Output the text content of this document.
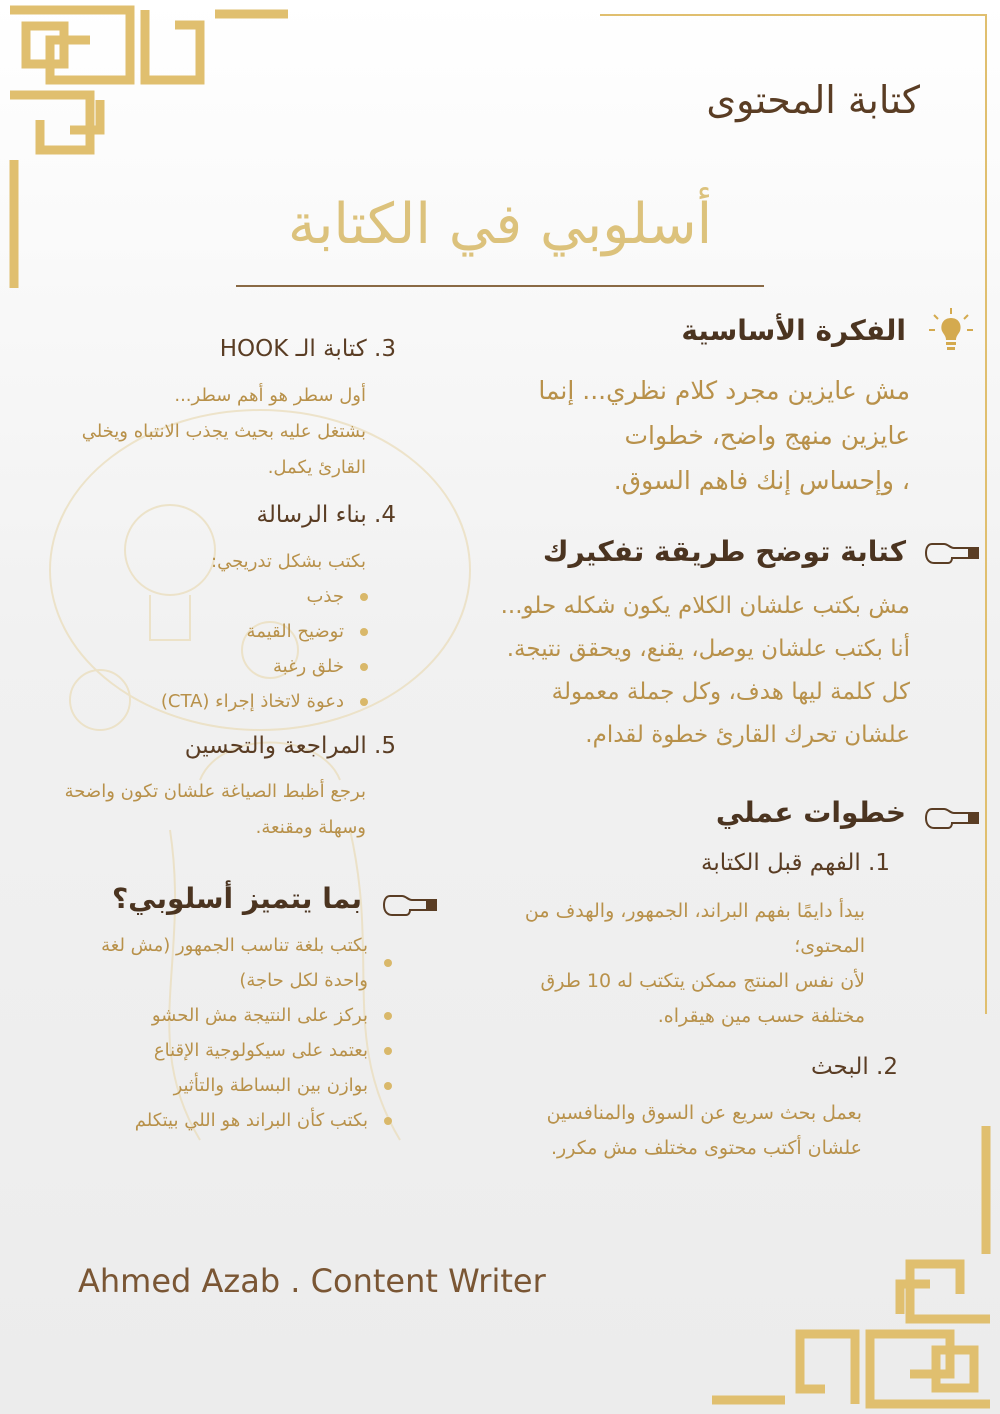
كتابة المحتوى
أسلوبي في الكتابة
الفكرة الأساسية
مش عايزين مجرد كلام نظري... إنما
عايزين منهج واضح، خطوات
، وإحساس إنك فاهم السوق.
كتابة توضح طريقة تفكيرك
مش بكتب علشان الكلام يكون شكله حلو...
أنا بكتب علشان يوصل، يقنع، ويحقق نتيجة.
كل كلمة ليها هدف، وكل جملة معمولة
علشان تحرك القارئ خطوة لقدام.
خطوات عملي
1. الفهم قبل الكتابة
بيدأ دايمًا بفهم البراند، الجمهور، والهدف من
المحتوى؛
لأن نفس المنتج ممكن يتكتب له 10 طرق
مختلفة حسب مين هيقراه.
2. البحث
بعمل بحث سريع عن السوق والمنافسين
علشان أكتب محتوى مختلف مش مكرر.
3. كتابة الـ HOOK
أول سطر هو أهم سطر...
بشتغل عليه بحيث يجذب الانتباه ويخلي
القارئ يكمل.
4. بناء الرسالة
بكتب بشكل تدريجي:
جذب
توضيح القيمة
خلق رغبة
دعوة لاتخاذ إجراء (CTA)
5. المراجعة والتحسين
برجع أظبط الصياغة علشان تكون واضحة
وسهلة ومقنعة.
بما يتميز أسلوبي؟
بكتب بلغة تناسب الجمهور (مش لغة
واحدة لكل حاجة)
بركز على النتيجة مش الحشو
بعتمد على سيكولوجية الإقناع
بوازن بين البساطة والتأثير
بكتب كأن البراند هو اللي بيتكلم
Ahmed Azab . Content Writer
